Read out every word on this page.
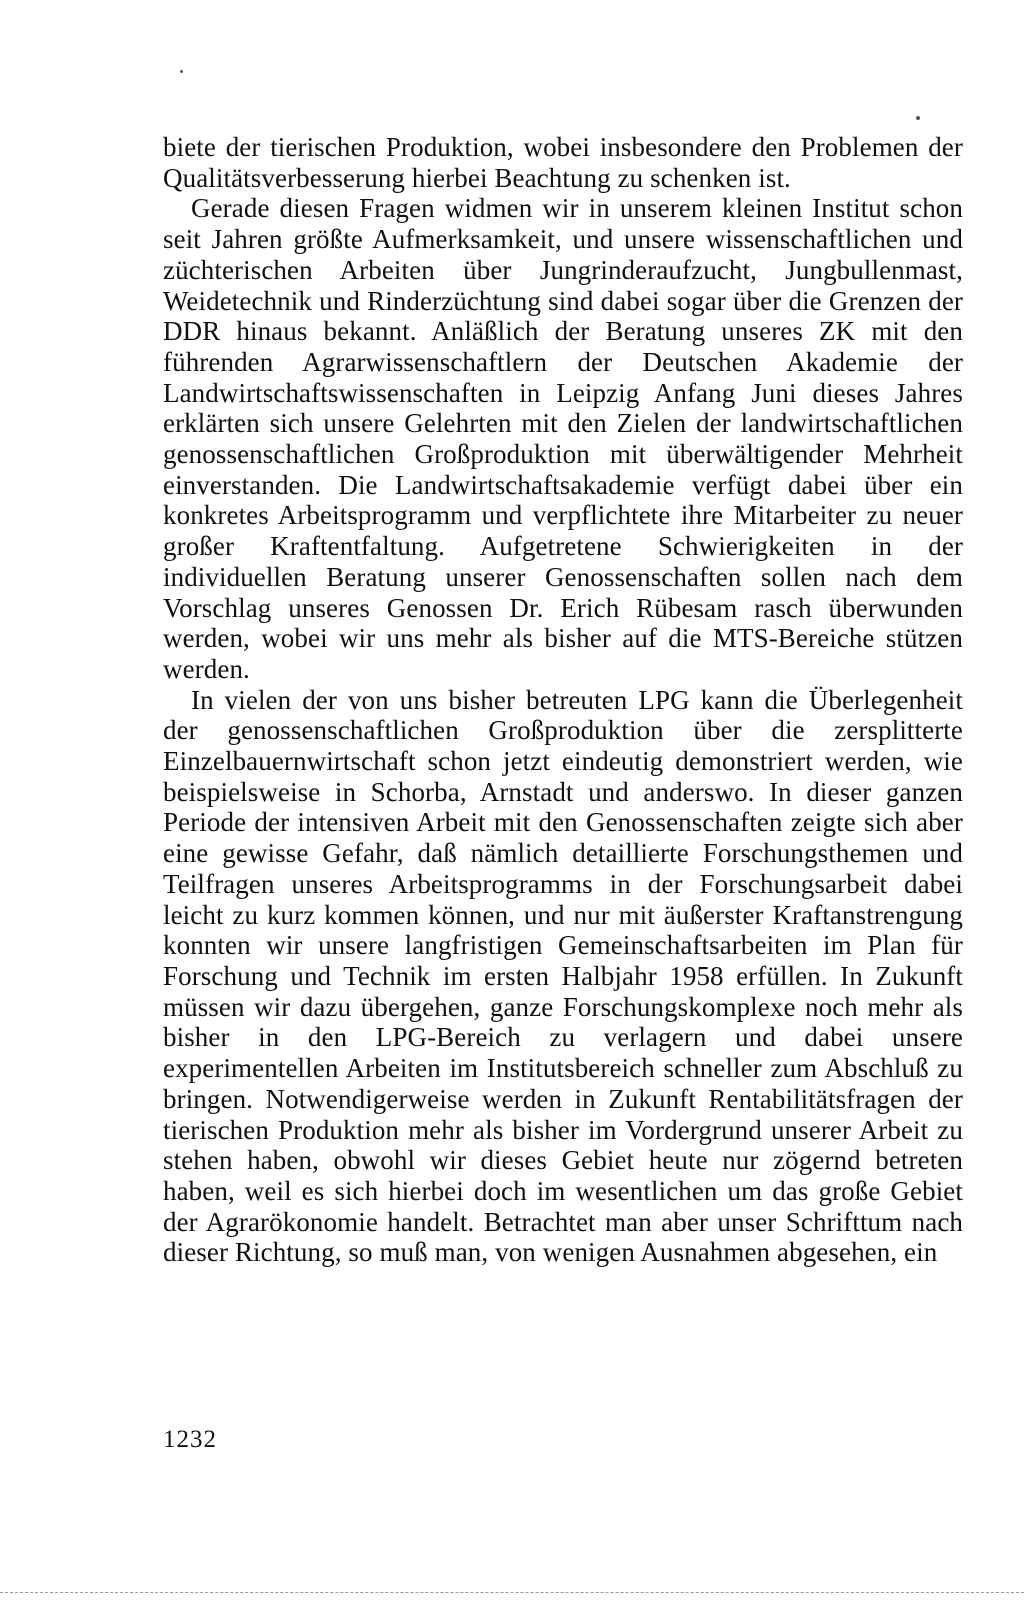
biete der tierischen Produktion, wobei insbesondere den Problemen der Qualitätsverbesserung hierbei Beachtung zu schenken ist.

Gerade diesen Fragen widmen wir in unserem kleinen Institut schon seit Jahren größte Aufmerksamkeit, und unsere wissenschaftlichen und züchterischen Arbeiten über Jungrinderaufzucht, Jungbullenmast, Weidetechnik und Rinderzüchtung sind dabei sogar über die Grenzen der DDR hinaus bekannt. Anläßlich der Beratung unseres ZK mit den führenden Agrarwissenschaftlern der Deutschen Akademie der Landwirtschaftswissenschaften in Leipzig Anfang Juni dieses Jahres erklärten sich unsere Gelehrten mit den Zielen der landwirtschaftlichen genossenschaftlichen Großproduktion mit überwältigender Mehrheit einverstanden. Die Landwirtschaftsakademie verfügt dabei über ein konkretes Arbeitsprogramm und verpflichtete ihre Mitarbeiter zu neuer großer Kraftentfaltung. Aufgetretene Schwierigkeiten in der individuellen Beratung unserer Genossenschaften sollen nach dem Vorschlag unseres Genossen Dr. Erich Rübesam rasch überwunden werden, wobei wir uns mehr als bisher auf die MTS-Bereiche stützen werden.

In vielen der von uns bisher betreuten LPG kann die Überlegenheit der genossenschaftlichen Großproduktion über die zersplitterte Einzelbauernwirtschaft schon jetzt eindeutig demonstriert werden, wie beispielsweise in Schorba, Arnstadt und anderswo. In dieser ganzen Periode der intensiven Arbeit mit den Genossenschaften zeigte sich aber eine gewisse Gefahr, daß nämlich detaillierte Forschungsthemen und Teilfragen unseres Arbeitsprogramms in der Forschungsarbeit dabei leicht zu kurz kommen können, und nur mit äußerster Kraftanstrengung konnten wir unsere langfristigen Gemeinschaftsarbeiten im Plan für Forschung und Technik im ersten Halbjahr 1958 erfüllen. In Zukunft müssen wir dazu übergehen, ganze Forschungskomplexe noch mehr als bisher in den LPG-Bereich zu verlagern und dabei unsere experimentellen Arbeiten im Institutsbereich schneller zum Abschluß zu bringen. Notwendigerweise werden in Zukunft Rentabilitätsfragen der tierischen Produktion mehr als bisher im Vordergrund unserer Arbeit zu stehen haben, obwohl wir dieses Gebiet heute nur zögernd betreten haben, weil es sich hierbei doch im wesentlichen um das große Gebiet der Agrarökonomie handelt. Betrachtet man aber unser Schrifttum nach dieser Richtung, so muß man, von wenigen Ausnahmen abgesehen, ein

1232
